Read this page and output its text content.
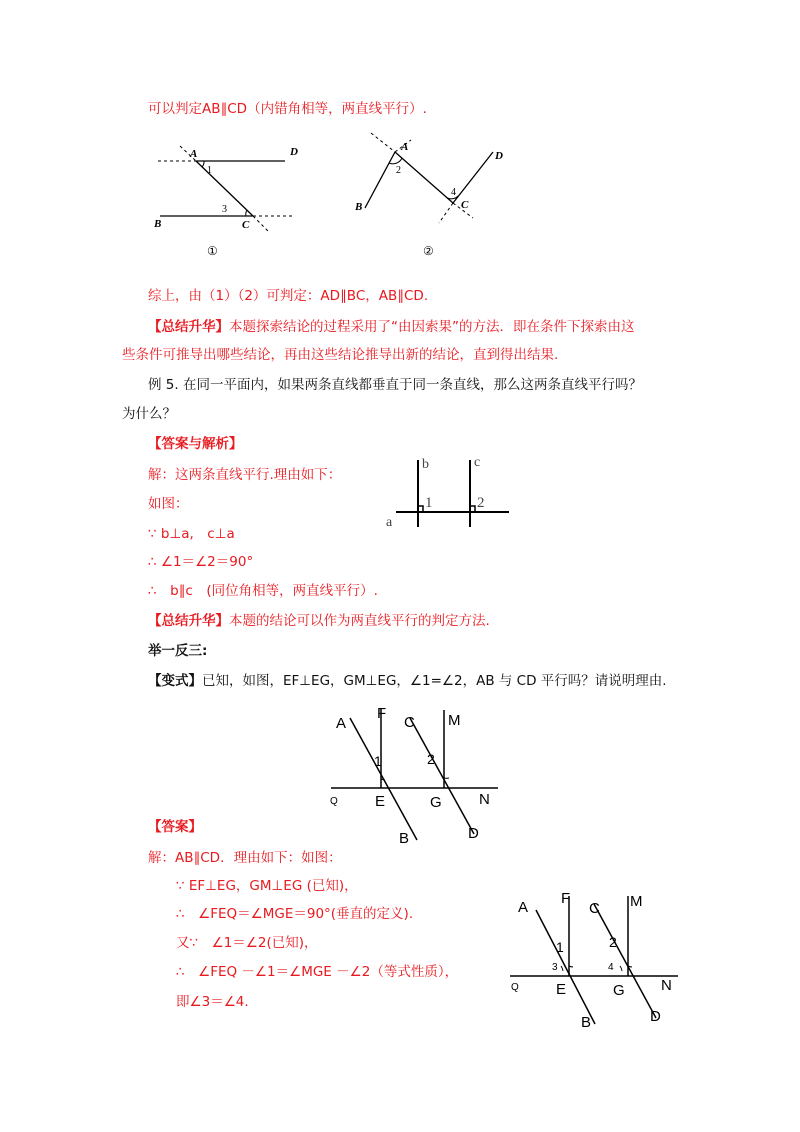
可以判定AB∥CD（内错角相等，两直线平行）.
A	D
1
3
B	C
①
A
2
D
4
C
B
②
综上，由（1）（2）可判定：AD∥BC，AB∥CD.
【总结升华】本题探索结论的过程采用了“由因索果”的方法．即在条件下探索由这
些条件可推导出哪些结论，再由这些结论推导出新的结论，直到得出结果.
例 5. 在同一平面内，如果两条直线都垂直于同一条直线，那么这两条直线平行吗？
为什么？
【答案与解析】
解：这两条直线平行.理由如下：
如图：
∵ b⊥a,　c⊥a
∴ ∠1＝∠2＝90°
∴　b∥c　(同位角相等，两直线平行）.
b	c
1	2
a
【总结升华】本题的结论可以作为两直线平行的判定方法.
举一反三:
【变式】已知，如图，EF⊥EG，GM⊥EG，∠1=∠2，AB 与 CD 平行吗？请说明理由.
A
F
C M
1	2
Q E	G N
B	D
【答案】
解：AB∥CD．理由如下：如图：
∵ EF⊥EG，GM⊥EG (已知)，
∴　∠FEQ＝∠MGE＝90°(垂直的定义).
又∵　∠1＝∠2(已知)，
∴　∠FEQ －∠1＝∠MGE －∠2（等式性质），
即∠3＝∠4.
A
F
C M
1	2
3	4
Q E	G N
B	D
